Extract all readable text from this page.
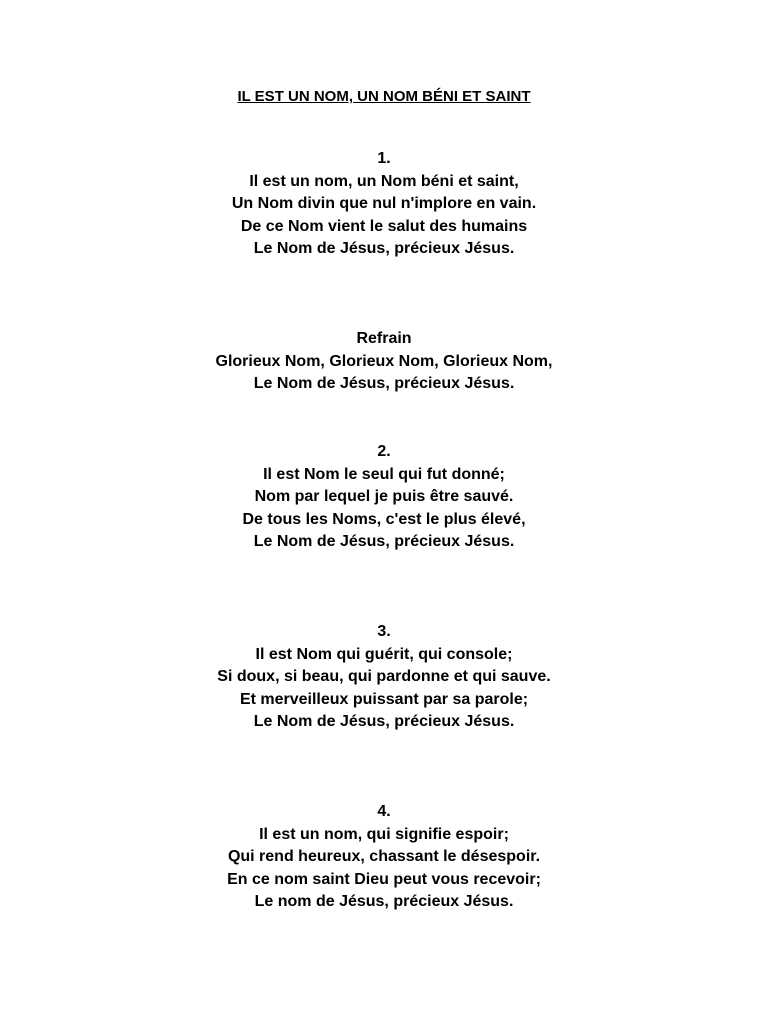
IL EST UN NOM, UN NOM BÉNI ET SAINT
1.
Il est un nom, un Nom béni et saint,
Un Nom divin que nul n'implore en vain.
De ce Nom vient le salut des humains
Le Nom de Jésus, précieux Jésus.
Refrain
Glorieux Nom, Glorieux Nom, Glorieux Nom,
Le Nom de Jésus, précieux Jésus.
2.
Il est Nom le seul qui fut donné;
Nom par lequel je puis être sauvé.
De tous les Noms, c'est le plus élevé,
Le Nom de Jésus, précieux Jésus.
3.
Il est Nom qui guérit, qui console;
Si doux, si beau, qui pardonne et qui sauve.
Et merveilleux puissant par sa parole;
Le Nom de Jésus, précieux Jésus.
4.
Il est un nom, qui signifie espoir;
Qui rend heureux, chassant le désespoir.
En ce nom saint Dieu peut vous recevoir;
Le nom de Jésus, précieux Jésus.
